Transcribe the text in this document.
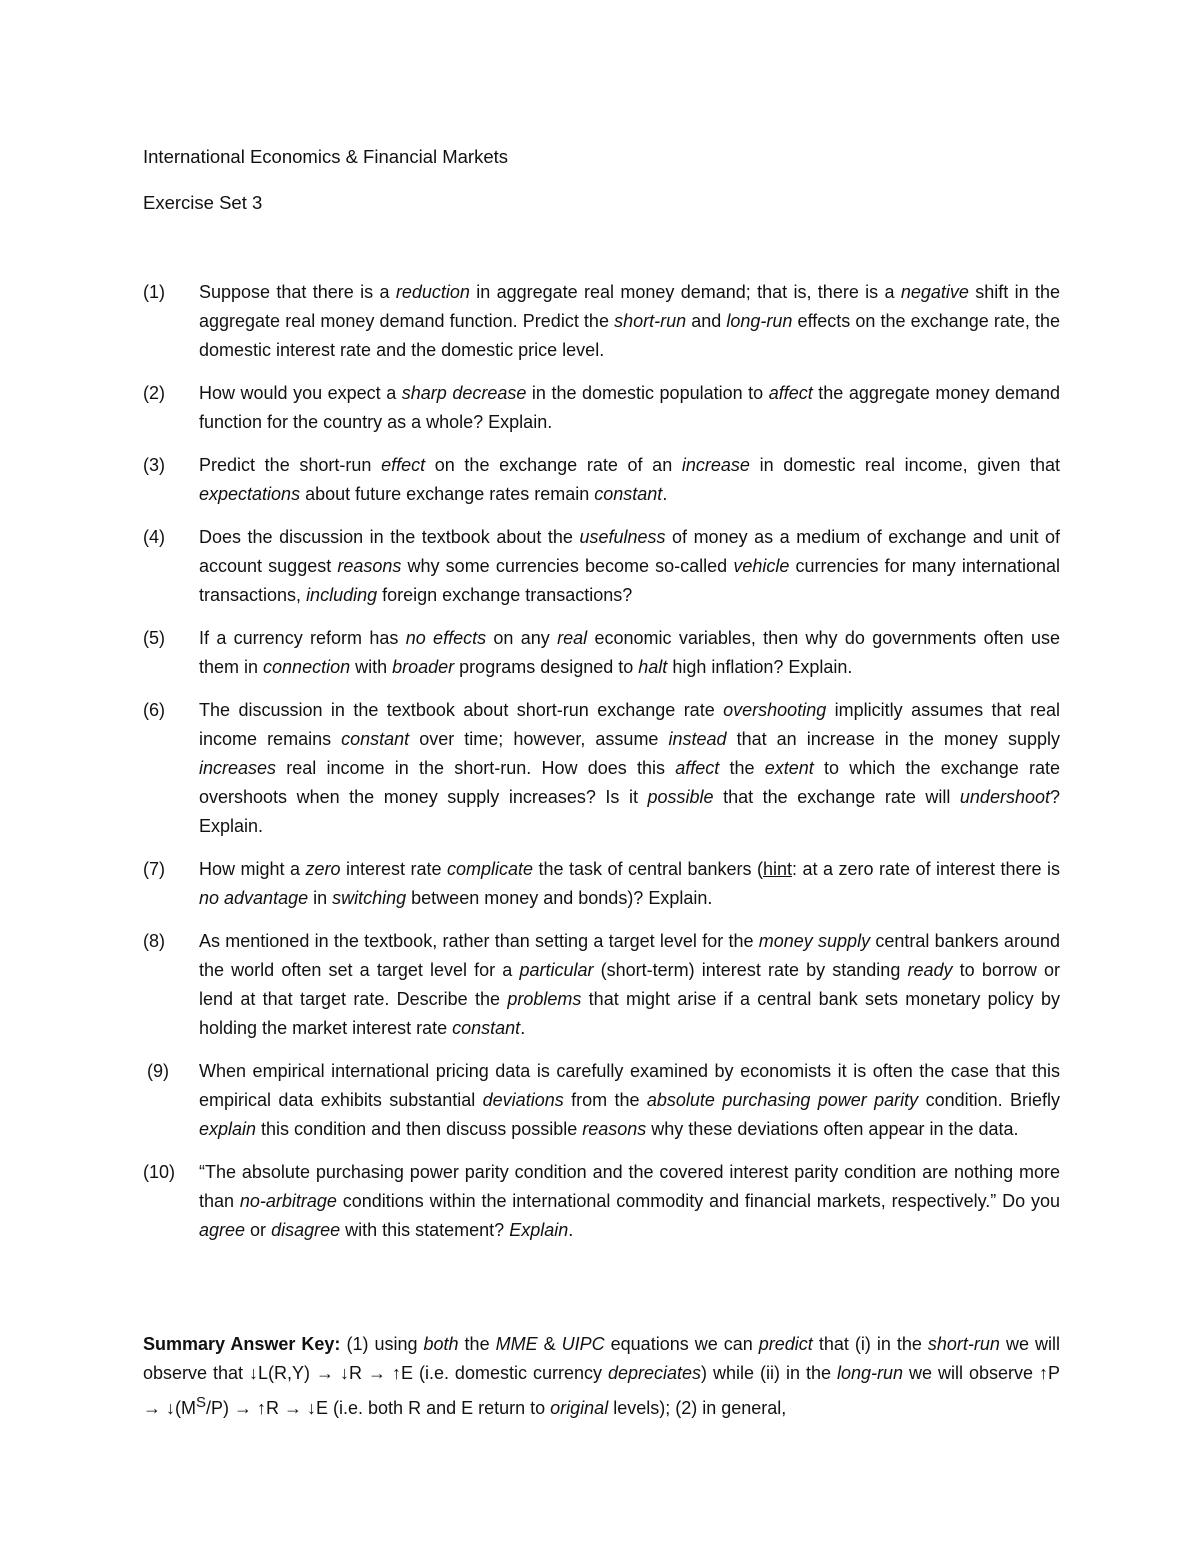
International Economics & Financial Markets
Exercise Set 3
(1) Suppose that there is a reduction in aggregate real money demand; that is, there is a negative shift in the aggregate real money demand function. Predict the short-run and long-run effects on the exchange rate, the domestic interest rate and the domestic price level.
(2) How would you expect a sharp decrease in the domestic population to affect the aggregate money demand function for the country as a whole? Explain.
(3) Predict the short-run effect on the exchange rate of an increase in domestic real income, given that expectations about future exchange rates remain constant.
(4) Does the discussion in the textbook about the usefulness of money as a medium of exchange and unit of account suggest reasons why some currencies become so-called vehicle currencies for many international transactions, including foreign exchange transactions?
(5) If a currency reform has no effects on any real economic variables, then why do governments often use them in connection with broader programs designed to halt high inflation? Explain.
(6) The discussion in the textbook about short-run exchange rate overshooting implicitly assumes that real income remains constant over time; however, assume instead that an increase in the money supply increases real income in the short-run. How does this affect the extent to which the exchange rate overshoots when the money supply increases? Is it possible that the exchange rate will undershoot? Explain.
(7) How might a zero interest rate complicate the task of central bankers (hint: at a zero rate of interest there is no advantage in switching between money and bonds)? Explain.
(8) As mentioned in the textbook, rather than setting a target level for the money supply central bankers around the world often set a target level for a particular (short-term) interest rate by standing ready to borrow or lend at that target rate. Describe the problems that might arise if a central bank sets monetary policy by holding the market interest rate constant.
(9) When empirical international pricing data is carefully examined by economists it is often the case that this empirical data exhibits substantial deviations from the absolute purchasing power parity condition. Briefly explain this condition and then discuss possible reasons why these deviations often appear in the data.
(10) “The absolute purchasing power parity condition and the covered interest parity condition are nothing more than no-arbitrage conditions within the international commodity and financial markets, respectively.” Do you agree or disagree with this statement? Explain.

Summary Answer Key: (1) using both the MME & UIPC equations we can predict that (i) in the short-run we will observe that ↓L(R,Y) → ↓R → ↑E (i.e. domestic currency depreciates) while (ii) in the long-run we will observe ↑P → $↓(M^S/P)$ → ↑R → ↓E (i.e. both R and E return to original levels); (2) in general,
